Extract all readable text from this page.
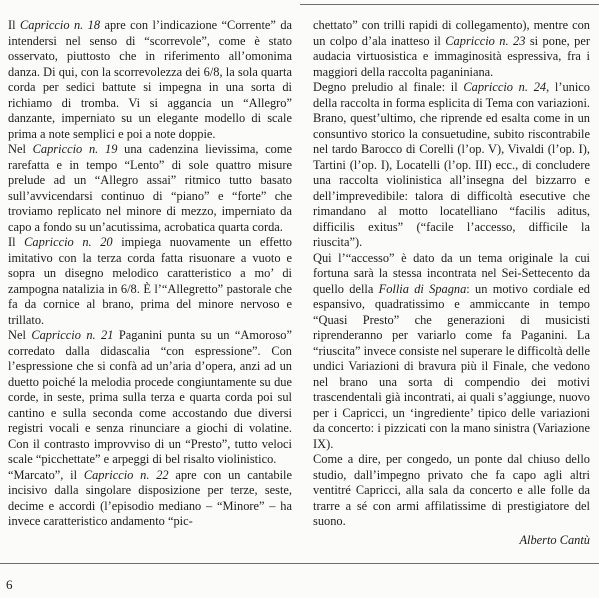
Il Capriccio n. 18 apre con l’indicazione “Corrente” da intendersi nel senso di “scorrevole”, come è stato osservato, piuttosto che in riferimento all’omonima danza. Di qui, con la scorrevolezza dei 6/8, la sola quarta corda per sedici battute si impegna in una sorta di richiamo di tromba. Vi si aggancia un “Allegro” danzante, imperniato su un elegante modello di scale prima a note semplici e poi a note doppie.

Nel Capriccio n. 19 una cadenzina lievissima, come rarefatta e in tempo “Lento” di sole quattro misure prelude ad un “Allegro assai” ritmico tutto basato sull’avvicendarsi continuo di “piano” e “forte” che troviamo replicato nel minore di mezzo, imperniato da capo a fondo su un’acutissima, acrobatica quarta corda.

Il Capriccio n. 20 impiega nuovamente un effetto imitativo con la terza corda fatta risuonare a vuoto e sopra un disegno melodico caratteristico a mo’ di zampogna natalizia in 6/8. È l’“Allegretto” pastorale che fa da cornice al brano, prima del minore nervoso e trillato.

Nel Capriccio n. 21 Paganini punta su un “Amoroso” corredato dalla didascalia “con espressione”. Con l’espressione che si confà ad un’aria d’opera, anzi ad un duetto poiché la melodia procede congiuntamente su due corde, in seste, prima sulla terza e quarta corda poi sul cantino e sulla seconda come accostando due diversi registri vocali e senza rinunciare a giochi di volatine. Con il contrasto improvviso di un “Presto”, tutto veloci scale “picchettate” e arpeggi di bel risalto violinistico.

“Marcato”, il Capriccio n. 22 apre con un cantabile incisivo dalla singolare disposizione per terze, seste, decime e accordi (l’episodio mediano – “Minore” – ha invece caratteristico andamento “pic-

chettato” con trilli rapidi di collegamento), mentre con un colpo d’ala inatteso il Capriccio n. 23 si pone, per audacia virtuosistica e immaginosità espressiva, fra i maggiori della raccolta paganiniana.

Degno preludio al finale: il Capriccio n. 24, l’unico della raccolta in forma esplicita di Tema con variazioni. Brano, quest’ultimo, che riprende ed esalta come in un consuntivo storico la consuetudine, subito riscontrabile nel tardo Barocco di Corelli (l’op. V), Vivaldi (l’op. I), Tartini (l’op. I), Locatelli (l’op. III) ecc., di concludere una raccolta violinistica all’insegna del bizzarro e dell’imprevedibile: talora di difficoltà esecutive che rimandano al motto locatelliano “facilis aditus, difficilis exitus” (“facile l’accesso, difficile la riuscita”).

Qui l’“accesso” è dato da un tema originale la cui fortuna sarà la stessa incontrata nel Sei-Settecento da quello della Follia di Spagna: un motivo cordiale ed espansivo, quadratissimo e ammiccante in tempo “Quasi Presto” che generazioni di musicisti riprenderanno per variarlo come fa Paganini. La “riuscita” invece consiste nel superare le difficoltà delle undici Variazioni di bravura più il Finale, che vedono nel brano una sorta di compendio dei motivi trascendentali già incontrati, ai quali s’aggiunge, nuovo per i Capricci, un ‘ingrediente’ tipico delle variazioni da concerto: i pizzicati con la mano sinistra (Variazione IX).

Come a dire, per congedo, un ponte dal chiuso dello studio, dall’impegno privato che fa capo agli altri ventitré Capricci, alla sala da concerto e alle folle da trarre a sé con armi affilatissime di prestigiatore del suono.

Alberto Cantù
6
